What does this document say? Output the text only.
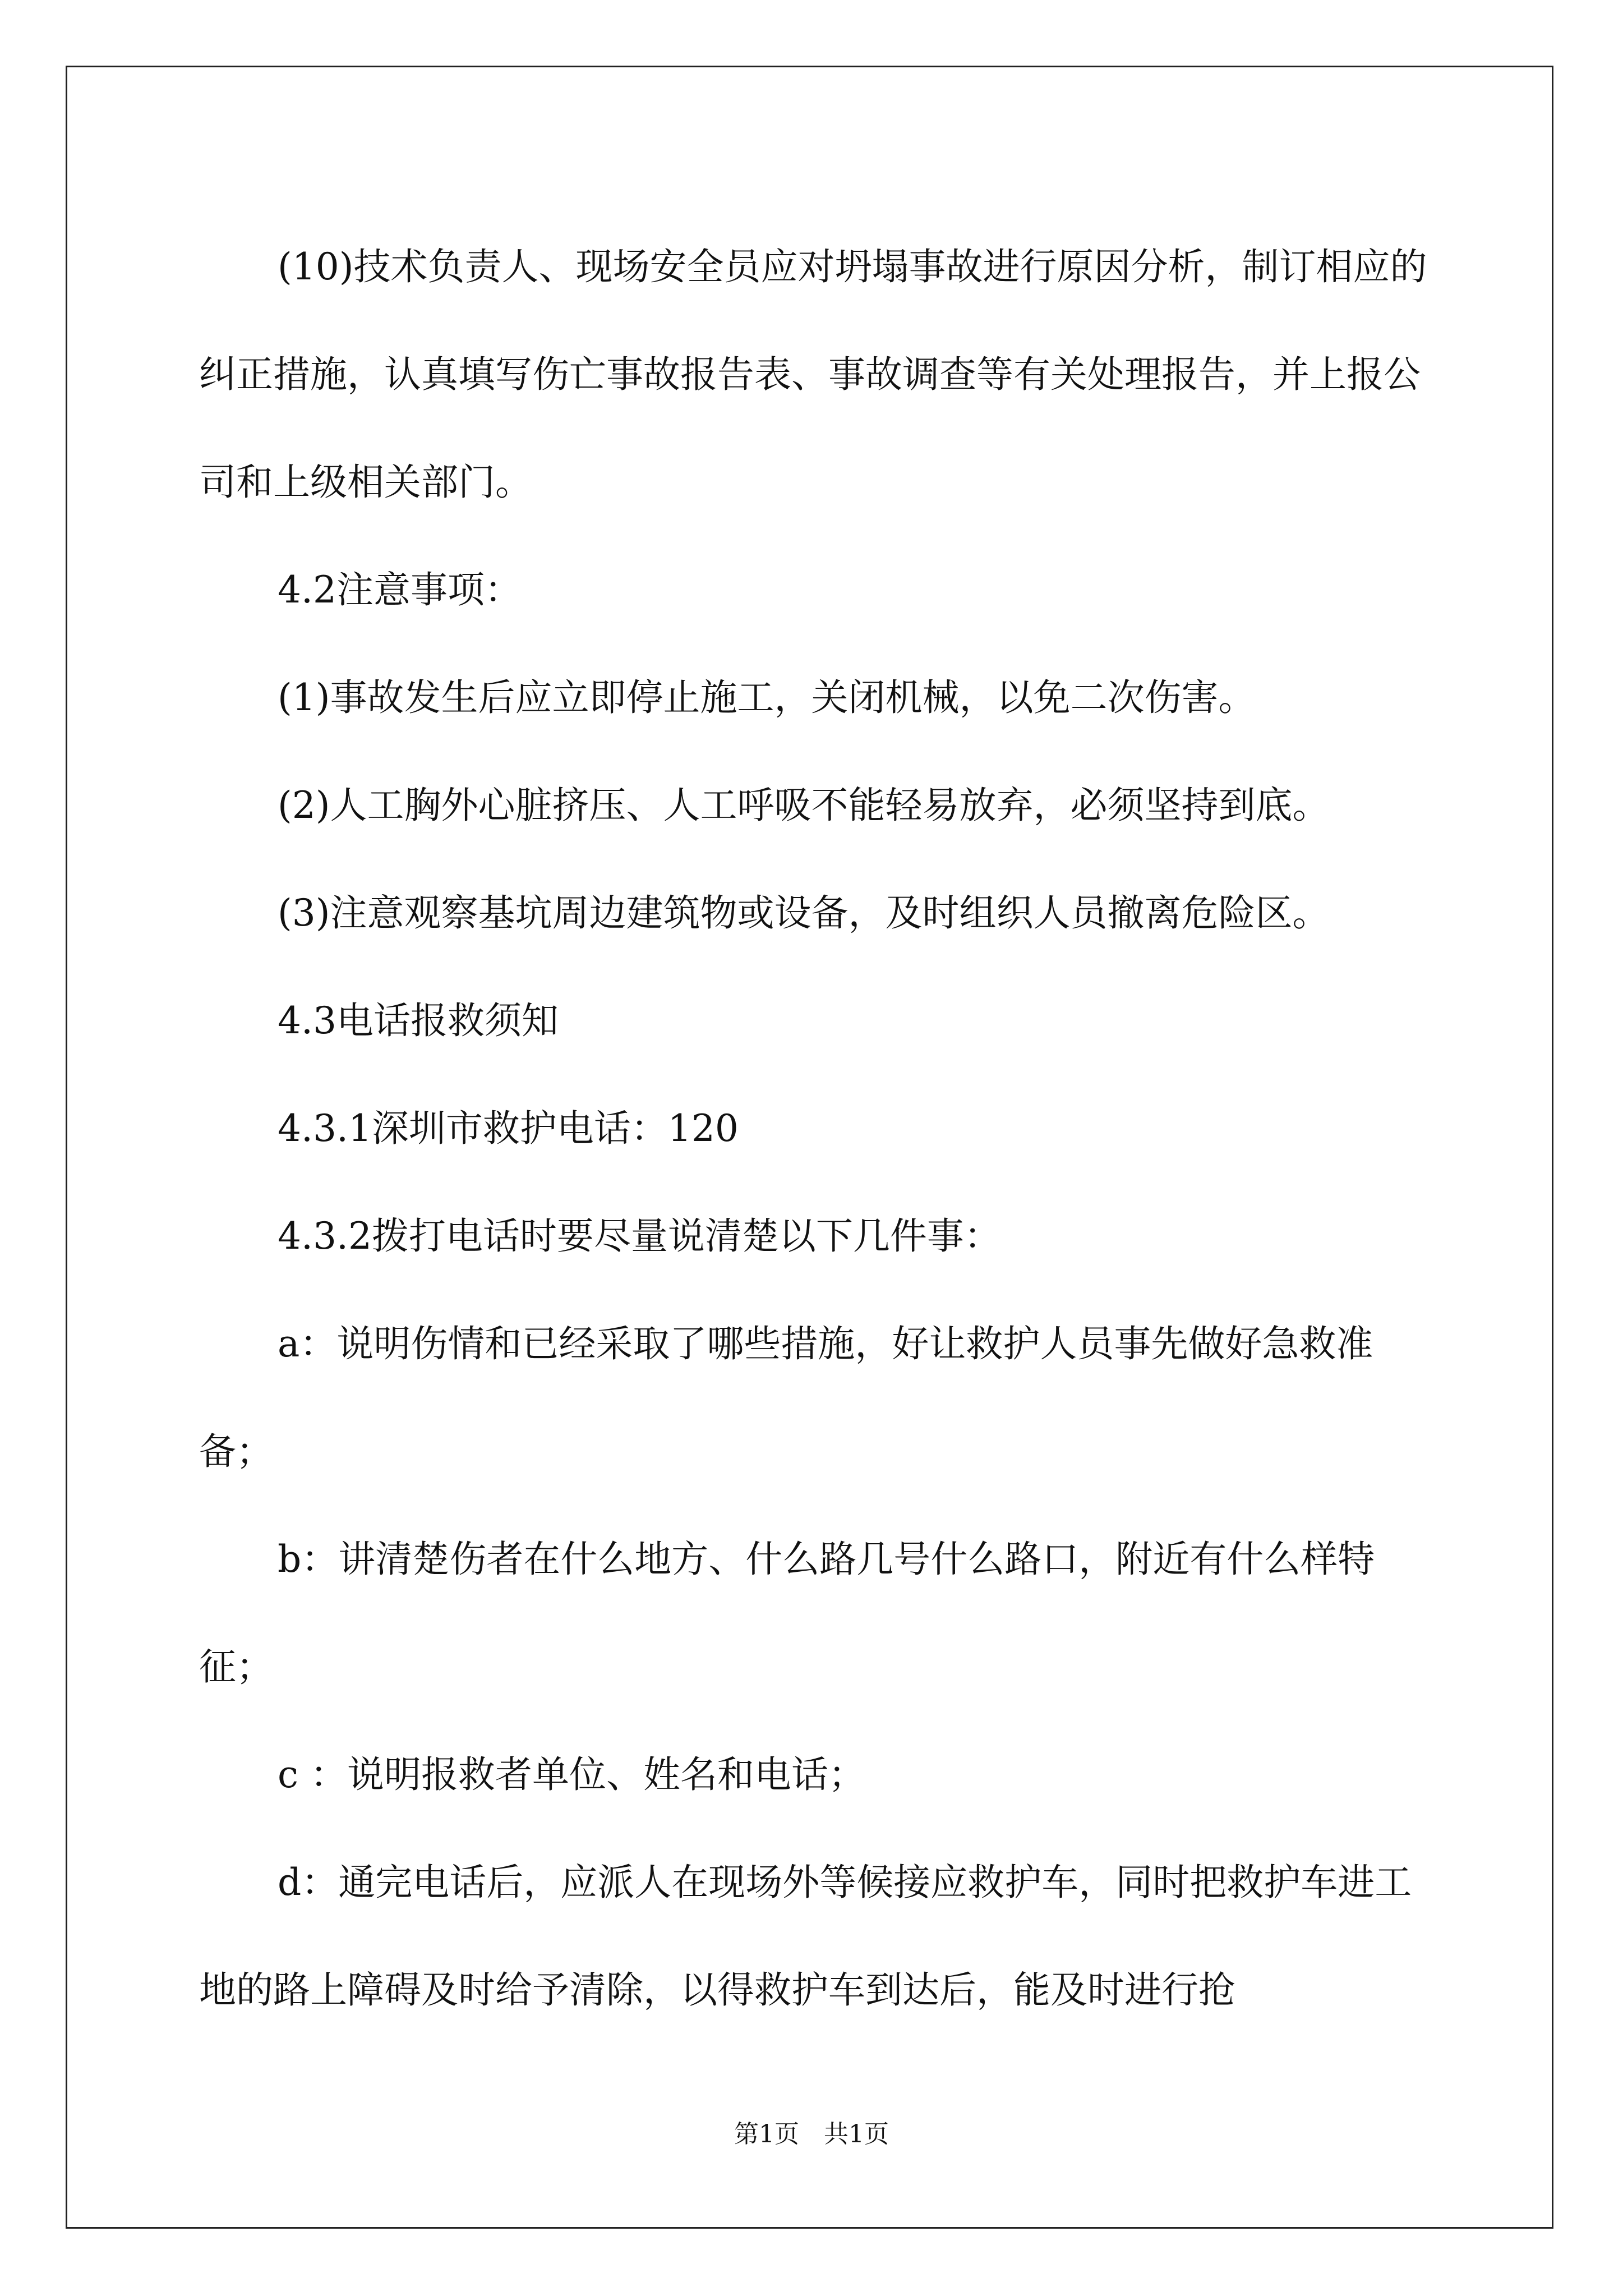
(10)技术负责人、现场安全员应对坍塌事故进行原因分析，制订相应的纠正措施，认真填写伤亡事故报告表、事故调查等有关处理报告，并上报公司和上级相关部门。

4.2注意事项：

(1)事故发生后应立即停止施工，关闭机械，以免二次伤害。

(2)人工胸外心脏挤压、人工呼吸不能轻易放弃，必须坚持到底。

(3)注意观察基坑周边建筑物或设备，及时组织人员撤离危险区。

4.3电话报救须知

4.3.1深圳市救护电话：120

4.3.2拨打电话时要尽量说清楚以下几件事：

a：说明伤情和已经采取了哪些措施，好让救护人员事先做好急救准备；

b：讲清楚伤者在什么地方、什么路几号什么路口，附近有什么样特征；

c ：说明报救者单位、姓名和电话；

d：通完电话后，应派人在现场外等候接应救护车，同时把救护车进工地的路上障碍及时给予清除，以得救护车到达后，能及时进行抢

第1页　共1页
